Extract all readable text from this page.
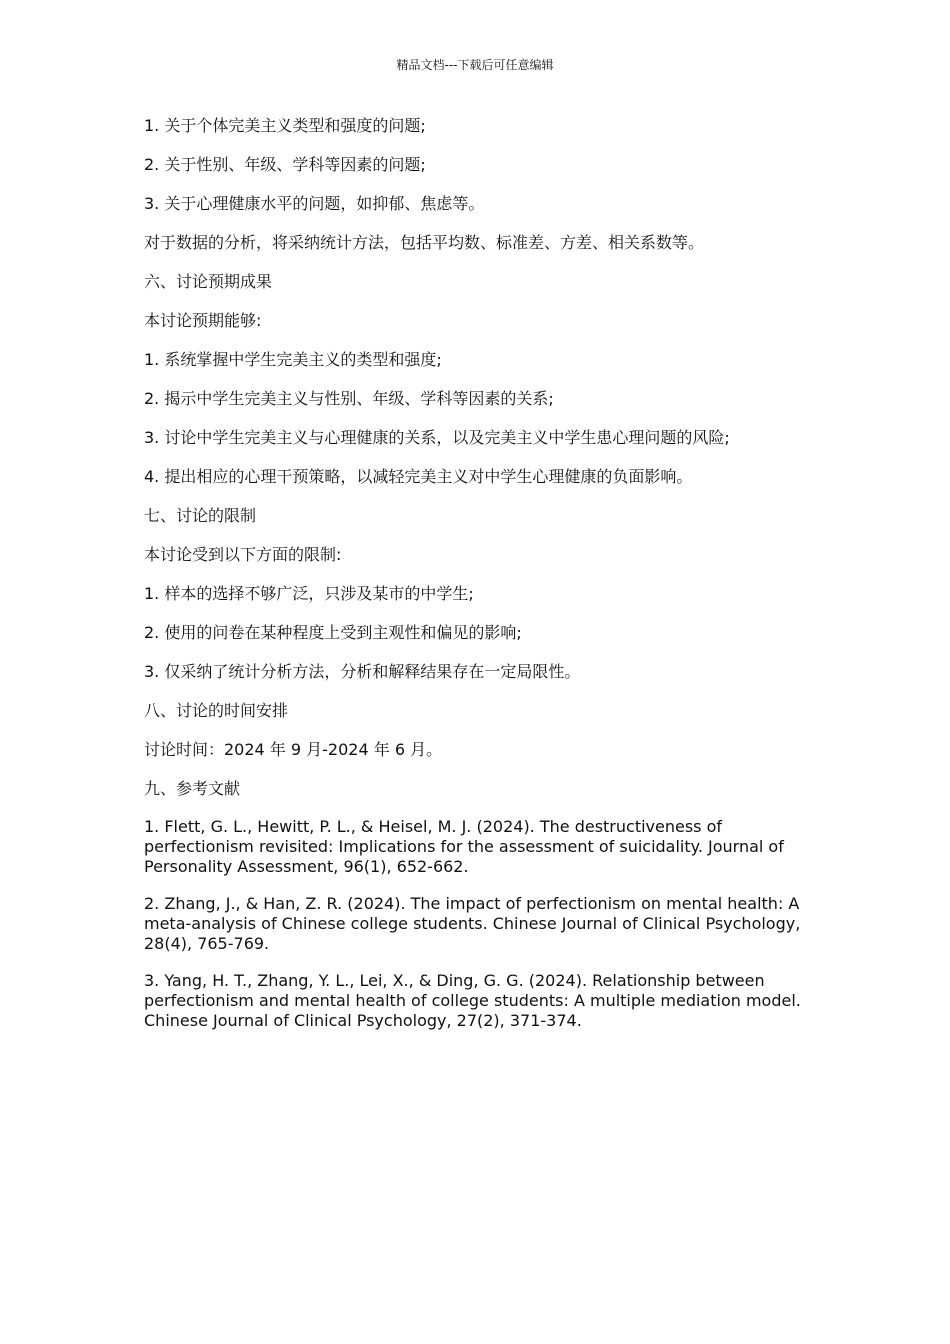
精品文档---下载后可任意编辑

1. 关于个体完美主义类型和强度的问题;

2. 关于性别、年级、学科等因素的问题;

3. 关于心理健康水平的问题，如抑郁、焦虑等。

对于数据的分析，将采纳统计方法，包括平均数、标准差、方差、相关系数等。

六、讨论预期成果

本讨论预期能够:

1. 系统掌握中学生完美主义的类型和强度;

2. 揭示中学生完美主义与性别、年级、学科等因素的关系;

3. 讨论中学生完美主义与心理健康的关系，以及完美主义中学生患心理问题的风险;

4. 提出相应的心理干预策略，以减轻完美主义对中学生心理健康的负面影响。

七、讨论的限制

本讨论受到以下方面的限制:

1. 样本的选择不够广泛，只涉及某市的中学生;

2. 使用的问卷在某种程度上受到主观性和偏见的影响;

3. 仅采纳了统计分析方法，分析和解释结果存在一定局限性。

八、讨论的时间安排

讨论时间：2024 年 9 月-2024 年 6 月。

九、参考文献

1. Flett, G. L., Hewitt, P. L., & Heisel, M. J. (2024). The destructiveness of perfectionism revisited: Implications for the assessment of suicidality. Journal of Personality Assessment, 96(1), 652-662.

2. Zhang, J., & Han, Z. R. (2024). The impact of perfectionism on mental health: A meta-analysis of Chinese college students. Chinese Journal of Clinical Psychology, 28(4), 765-769.

3. Yang, H. T., Zhang, Y. L., Lei, X., & Ding, G. G. (2024). Relationship between perfectionism and mental health of college students: A multiple mediation model. Chinese Journal of Clinical Psychology, 27(2), 371-374.
